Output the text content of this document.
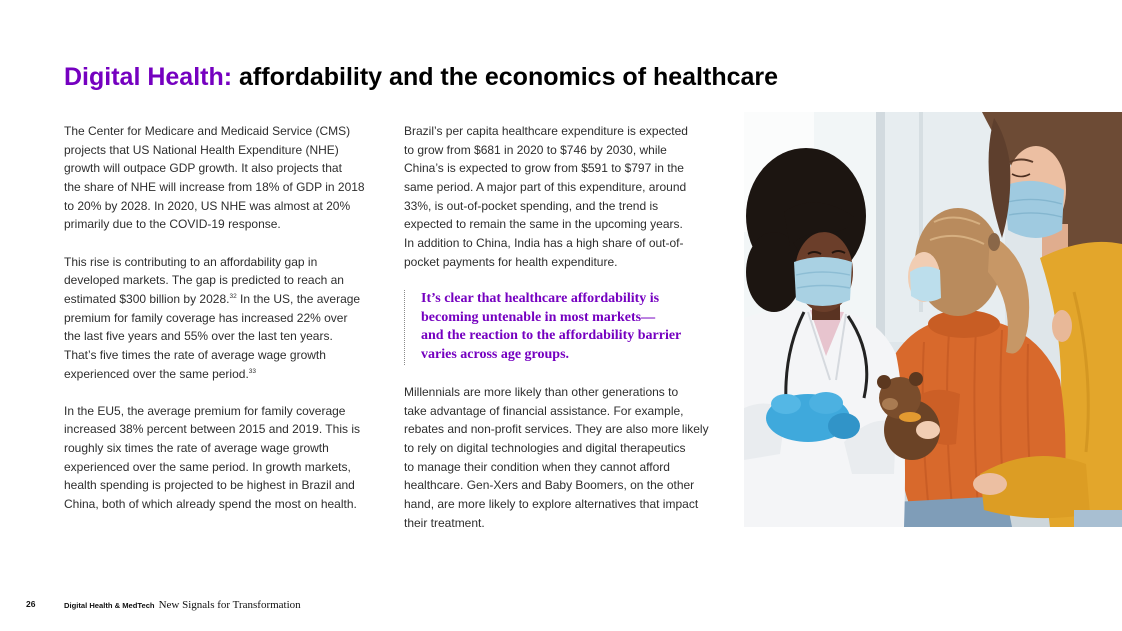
Digital Health: affordability and the economics of healthcare

The Center for Medicare and Medicaid Service (CMS)
projects that US National Health Expenditure (NHE)
growth will outpace GDP growth. It also projects that
the share of NHE will increase from 18% of GDP in 2018
to 20% by 2028. In 2020, US NHE was almost at 20%
primarily due to the COVID-19 response.

This rise is contributing to an affordability gap in
developed markets. The gap is predicted to reach an
estimated $300 billion by 2028.32 In the US, the average
premium for family coverage has increased 22% over
the last five years and 55% over the last ten years.
That’s five times the rate of average wage growth
experienced over the same period.$^{33}$

In the EU5, the average premium for family coverage
increased 38% percent between 2015 and 2019. This is
roughly six times the rate of average wage growth
experienced over the same period. In growth markets,
health spending is projected to be highest in Brazil and
China, both of which already spend the most on health.

Brazil’s per capita healthcare expenditure is expected
to grow from $681 in 2020 to $746 by 2030, while
China’s is expected to grow from $591 to $797 in the
same period. A major part of this expenditure, around
33%, is out-of-pocket spending, and the trend is
expected to remain the same in the upcoming years.
In addition to China, India has a high share of out-of-
pocket payments for health expenditure.

It’s clear that healthcare affordability is
becoming untenable in most markets—
and the reaction to the affordability barrier
varies across age groups.

Millennials are more likely than other generations to
take advantage of financial assistance. For example,
rebates and non-profit services. They are also more likely
to rely on digital technologies and digital therapeutics
to manage their condition when they cannot afford
healthcare. Gen-Xers and Baby Boomers, on the other
hand, are more likely to explore alternatives that impact
their treatment.

26	Digital Health & MedTech New Signals for Transformation
